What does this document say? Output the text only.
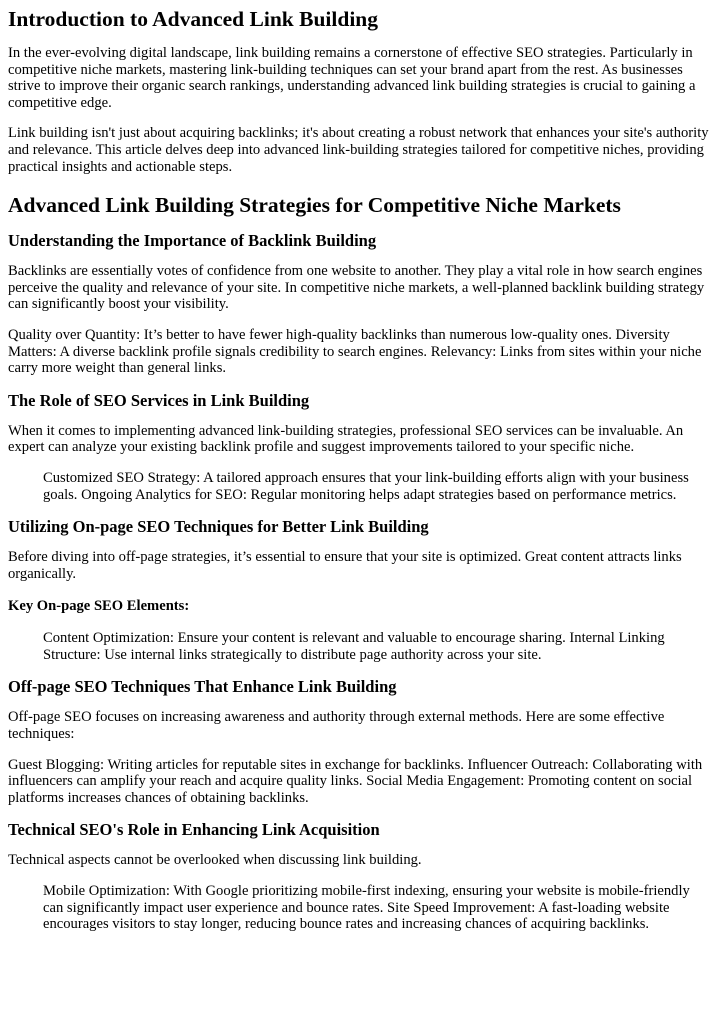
Introduction to Advanced Link Building

In the ever-evolving digital landscape, link building remains a cornerstone of effective SEO strategies. Particularly in competitive niche markets, mastering link-building techniques can set your brand apart from the rest. As businesses strive to improve their organic search rankings, understanding advanced link building strategies is crucial to gaining a competitive edge.

Link building isn't just about acquiring backlinks; it's about creating a robust network that enhances your site's authority and relevance. This article delves deep into advanced link-building strategies tailored for competitive niches, providing practical insights and actionable steps.

Advanced Link Building Strategies for Competitive Niche Markets
Understanding the Importance of Backlink Building

Backlinks are essentially votes of confidence from one website to another. They play a vital role in how search engines perceive the quality and relevance of your site. In competitive niche markets, a well-planned backlink building strategy can significantly boost your visibility.

Quality over Quantity: It’s better to have fewer high-quality backlinks than numerous low-quality ones. Diversity Matters: A diverse backlink profile signals credibility to search engines. Relevancy: Links from sites within your niche carry more weight than general links.

The Role of SEO Services in Link Building

When it comes to implementing advanced link-building strategies, professional SEO services can be invaluable. An expert can analyze your existing backlink profile and suggest improvements tailored to your specific niche.

Customized SEO Strategy: A tailored approach ensures that your link-building efforts align with your business goals. Ongoing Analytics for SEO: Regular monitoring helps adapt strategies based on performance metrics.
Utilizing On-page SEO Techniques for Better Link Building

Before diving into off-page strategies, it’s essential to ensure that your site is optimized. Great content attracts links organically.

Key On-page SEO Elements:
Content Optimization: Ensure your content is relevant and valuable to encourage sharing. Internal Linking Structure: Use internal links strategically to distribute page authority across your site.
Off-page SEO Techniques That Enhance Link Building

Off-page SEO focuses on increasing awareness and authority through external methods. Here are some effective techniques:

Guest Blogging: Writing articles for reputable sites in exchange for backlinks. Influencer Outreach: Collaborating with influencers can amplify your reach and acquire quality links. Social Media Engagement: Promoting content on social platforms increases chances of obtaining backlinks.

Technical SEO's Role in Enhancing Link Acquisition

Technical aspects cannot be overlooked when discussing link building.

Mobile Optimization: With Google prioritizing mobile-first indexing, ensuring your website is mobile-friendly can significantly impact user experience and bounce rates. Site Speed Improvement: A fast-loading website encourages visitors to stay longer, reducing bounce rates and increasing chances of acquiring backlinks.
